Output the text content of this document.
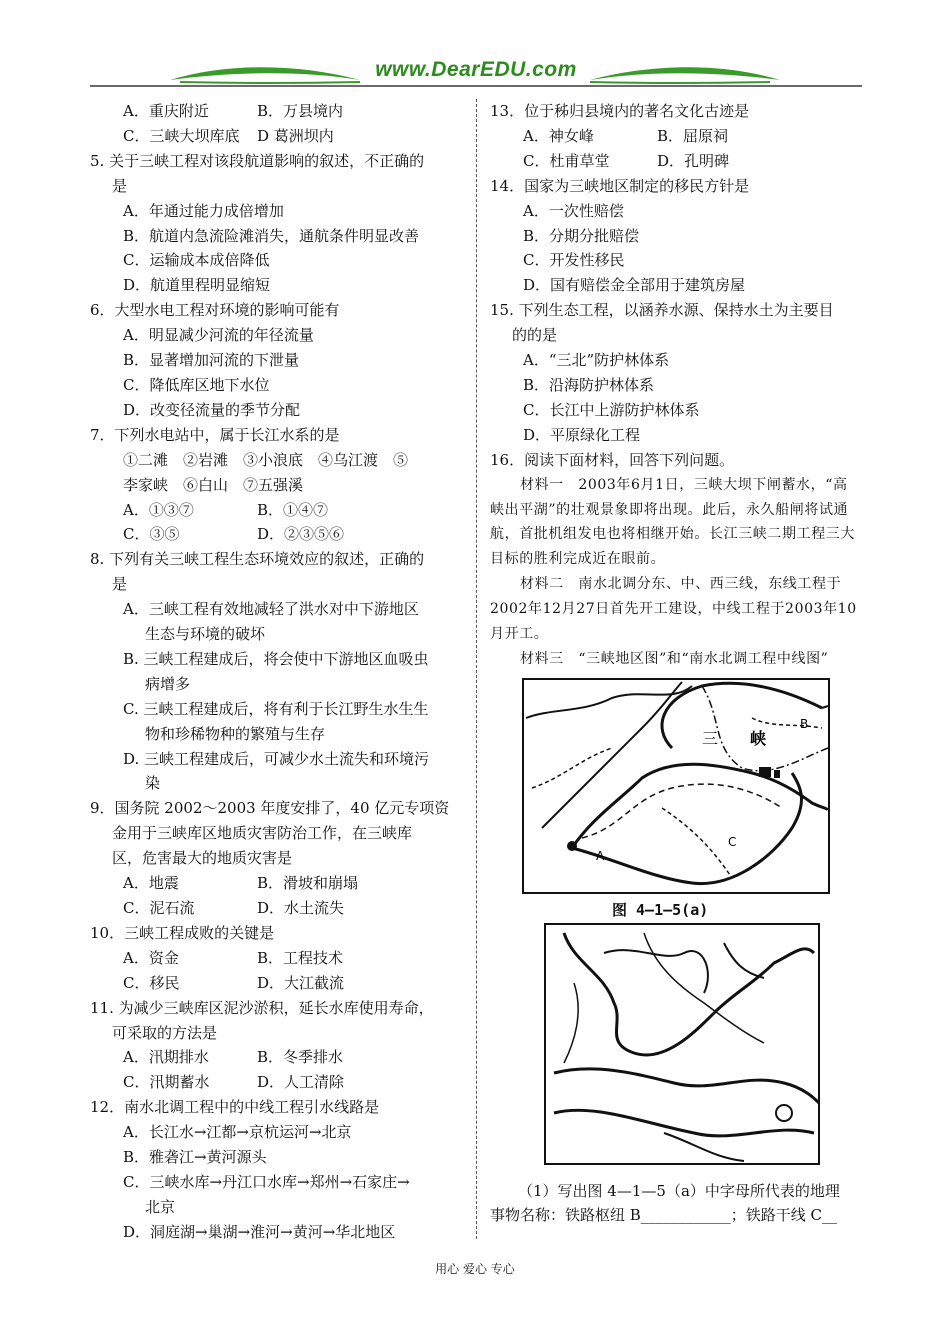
www.DearEDU.com
A．重庆附近	B．万县境内
C．三峡大坝库底	D 葛洲坝内
5. 关于三峡工程对该段航道影响的叙述，不正确的
是
A．年通过能力成倍增加
B．航道内急流险滩消失，通航条件明显改善
C．运输成本成倍降低
D．航道里程明显缩短
6．大型水电工程对环境的影响可能有
A．明显减少河流的年径流量
B．显著增加河流的下泄量
C．降低库区地下水位
D．改变径流量的季节分配
7．下列水电站中，属于长江水系的是
①二滩　②岩滩　③小浪底　④乌江渡　⑤
李家峡　⑥白山　⑦五强溪
A．①③⑦	B．①④⑦
C．③⑤	D．②③⑤⑥
8. 下列有关三峡工程生态环境效应的叙述，正确的
是
A．三峡工程有效地减轻了洪水对中下游地区
生态与环境的破坏
B. 三峡工程建成后，将会使中下游地区血吸虫
病增多
C. 三峡工程建成后，将有利于长江野生水生生
物和珍稀物种的繁殖与生存
D. 三峡工程建成后，可减少水土流失和环境污
染
9．国务院 2002～2003 年度安排了，40 亿元专项资
金用于三峡库区地质灾害防治工作，在三峡库
区，危害最大的地质灾害是
A．地震	B．滑坡和崩塌
C．泥石流	D．水土流失
10．三峡工程成败的关键是
A．资金	B．工程技术
C．移民	D．大江截流
11. 为减少三峡库区泥沙淤积，延长水库使用寿命，
可采取的方法是
A．汛期排水	B．冬季排水
C．汛期蓄水	D．人工清除
12．南水北调工程中的中线工程引水线路是
A．长江水→江都→京杭运河→北京
B．雅砻江→黄河源头
C．三峡水库→丹江口水库→郑州→石家庄→
北京
D．洞庭湖→巢湖→淮河→黄河→华北地区
13．位于秭归县境内的著名文化古迹是
A．神女峰	B．屈原祠
C．杜甫草堂	D．孔明碑
14．国家为三峡地区制定的移民方针是
A．一次性赔偿
B．分期分批赔偿
C．开发性移民
D．国有赔偿金全部用于建筑房屋
15. 下列生态工程，以涵养水源、保持水土为主要目
的的是
A．“三北”防护林体系
B．沿海防护林体系
C．长江中上游防护林体系
D．平原绿化工程
16．阅读下面材料，回答下列问题。
材料一　2003年6月1日，三峡大坝下闸蓄水，“高峡出平湖”的壮观景象即将出现。此后，永久船闸将试通航，首批机组发电也将相继开始。长江三峡二期工程三大目标的胜利完成近在眼前。
材料二　南水北调分东、中、西三线，东线工程于2002年12月27日首先开工建设，中线工程于2003年10月开工。
材料三　“三峡地区图”和“南水北调工程中线图”
三 峡
A
B
C
图 4—1—5(a)
（1）写出图 4—1—5（a）中字母所代表的地理
事物名称：铁路枢纽 B____________；铁路干线 C__
用心 爱心 专心
